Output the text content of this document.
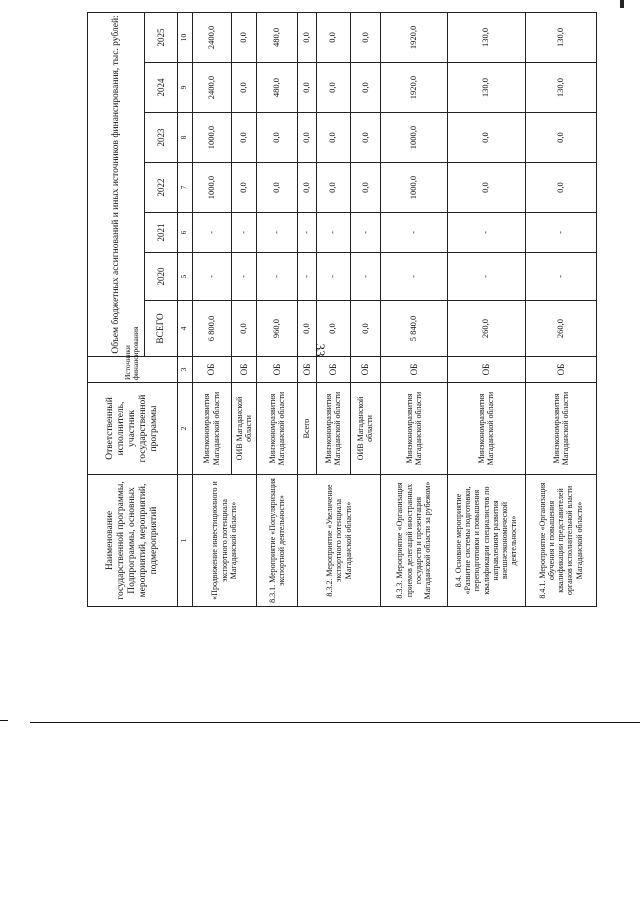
33
Наименование государственной программы, Подпрограммы, основных мероприятий, мероприятий, подмероприятий	Ответственный исполнитель, участник государственной программы	Источники финансирования	Объем бюджетных ассигнований и иных источников финансирования, тыс. рублей:						
			ВСЕГО	2020	2021	2022	2023	2024	2025
1	2	3	4	5	6	7	8	9	10
«Продвижение инвестиционного и экспортного потенциала Магаданской области»	Минэкономразвития Магаданской области	ОБ	6 800,0	-	-	1000,0	1000,0	2400,0	2400,0
	ОИВ Магаданской области	ОБ	0,0	-	-	0,0	0,0	0,0	0,0
8.3.1. Мероприятие «Популяризация экспортной деятельности»	Минэкономразвития Магаданской области	ОБ	960,0	-	-	0,0	0,0	480,0	480,0
8.3.2. Мероприятие «Увеличение экспортного потенциала Магаданской области»	Всего	ОБ	0,0	-	-	0,0	0,0	0,0	0,0
	Минэкономразвития Магаданской области	ОБ	0,0	-	-	0,0	0,0	0,0	0,0
	ОИВ Магаданской области	ОБ	0,0	-	-	0,0	0,0	0,0	0,0
8.3.3. Мероприятие «Организация приемов делегаций иностранных государств и презентация Магаданской области за рубежом»	Минэкономразвития Магаданской области	ОБ	5 840,0	-	-	1000,0	1000,0	1920,0	1920,0
8.4. Основное мероприятие «Развитие системы подготовки, переподготовки и повышения квалификации специалистов по направлениям развития внешнеэкономической деятельности»	Минэкономразвития Магаданской области	ОБ	260,0	-	-	0,0	0,0	130,0	130,0
8.4.1. Мероприятие «Организация обучения и повышения квалификации представителей органов исполнительной власти Магаданской области»	Минэкономразвития Магаданской области	ОБ	260,0	-	-	0,0	0,0	130,0	130,0
